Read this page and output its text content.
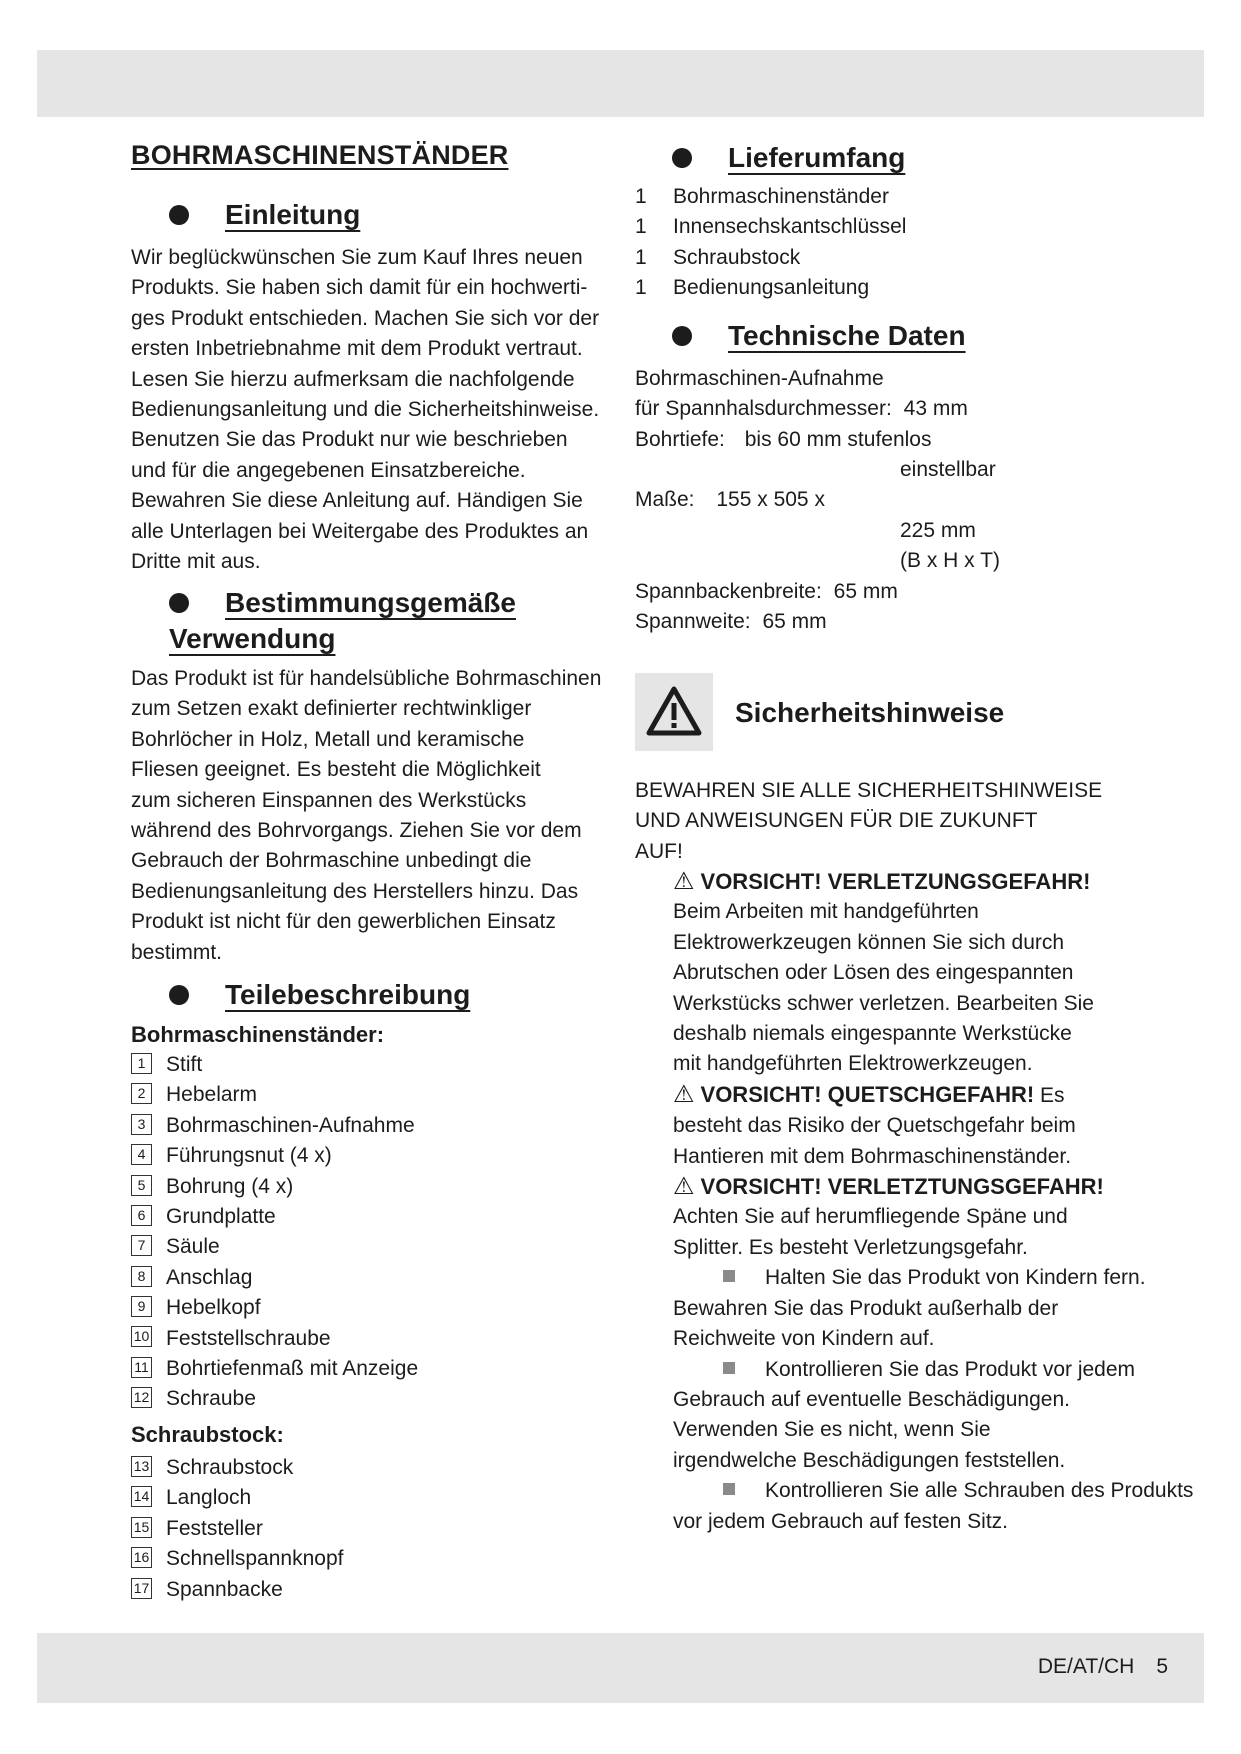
BOHRMASCHINENSTÄNDER
Einleitung
Wir beglückwünschen Sie zum Kauf Ihres neuen
Produkts. Sie haben sich damit für ein hochwerti-
ges Produkt entschieden. Machen Sie sich vor der
ersten Inbetriebnahme mit dem Produkt vertraut.
Lesen Sie hierzu aufmerksam die nachfolgende
Bedienungsanleitung und die Sicherheitshinweise.
Benutzen Sie das Produkt nur wie beschrieben
und für die angegebenen Einsatzbereiche.
Bewahren Sie diese Anleitung auf. Händigen Sie
alle Unterlagen bei Weitergabe des Produktes an
Dritte mit aus.
Bestimmungsgemäße
Verwendung
Das Produkt ist für handelsübliche Bohrmaschinen
zum Setzen exakt definierter rechtwinkliger
Bohrlöcher in Holz, Metall und keramische
Fliesen geeignet. Es besteht die Möglichkeit
zum sicheren Einspannen des Werkstücks
während des Bohrvorgangs. Ziehen Sie vor dem
Gebrauch der Bohrmaschine unbedingt die
Bedienungsanleitung des Herstellers hinzu. Das
Produkt ist nicht für den gewerblichen Einsatz
bestimmt.
Teilebeschreibung
Bohrmaschinenständer:
1 Stift
2 Hebelarm
3 Bohrmaschinen-Aufnahme
4 Führungsnut (4 x)
5 Bohrung (4 x)
6 Grundplatte
7 Säule
8 Anschlag
9 Hebelkopf
10 Feststellschraube
11 Bohrtiefenmaß mit Anzeige
12 Schraube
Schraubstock:
13 Schraubstock
14 Langloch
15 Feststeller
16 Schnellspannknopf
17 Spannbacke
Lieferumfang
1 Bohrmaschinenständer
1 Innensechskantschlüssel
1 Schraubstock
1 Bedienungsanleitung
Technische Daten
Bohrmaschinen-Aufnahme
für Spannhalsdurchmesser: 43 mm
Bohrtiefe: bis 60 mm stufenlos
einstellbar
Maße: 155 x 505 x
225 mm
(B x H x T)
Spannbackenbreite: 65 mm
Spannweite: 65 mm
Sicherheitshinweise
BEWAHREN SIE ALLE SICHERHEITSHINWEISE
UND ANWEISUNGEN FÜR DIE ZUKUNFT
AUF!
⚠ VORSICHT! VERLETZUNGSGEFAHR!
Beim Arbeiten mit handgeführten
Elektrowerkzeugen können Sie sich durch
Abrutschen oder Lösen des eingespannten
Werkstücks schwer verletzen. Bearbeiten Sie
deshalb niemals eingespannte Werkstücke
mit handgeführten Elektrowerkzeugen.
⚠ VORSICHT! QUETSCHGEFAHR! Es
besteht das Risiko der Quetschgefahr beim
Hantieren mit dem Bohrmaschinenständer.
⚠ VORSICHT! VERLETZTUNGSGEFAHR!
Achten Sie auf herumfliegende Späne und
Splitter. Es besteht Verletzungsgefahr.
Halten Sie das Produkt von Kindern fern.
Bewahren Sie das Produkt außerhalb der
Reichweite von Kindern auf.
Kontrollieren Sie das Produkt vor jedem
Gebrauch auf eventuelle Beschädigungen.
Verwenden Sie es nicht, wenn Sie
irgendwelche Beschädigungen feststellen.
Kontrollieren Sie alle Schrauben des Produkts
vor jedem Gebrauch auf festen Sitz.
DE/AT/CH 5
